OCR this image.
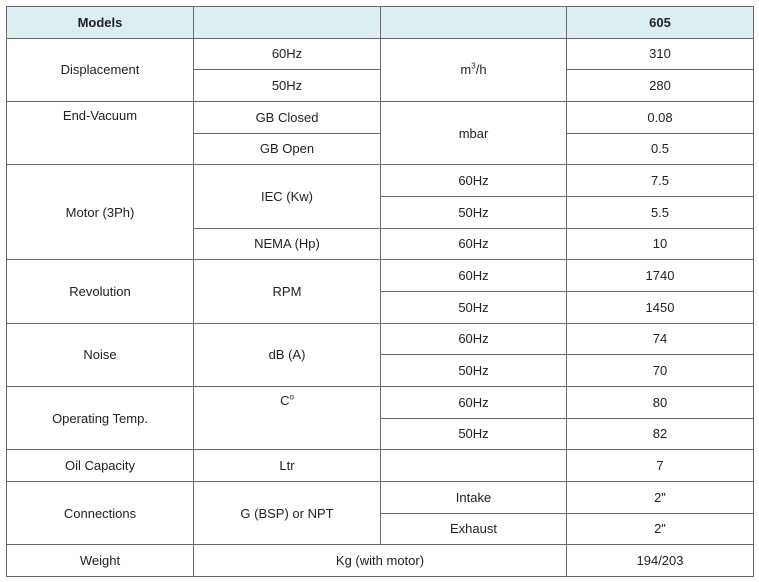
Models			605
Displacement	60Hz	$m^3/h$	310
	50Hz		280
End-Vacuum	GB Closed	mbar	0.08
	GB Open		0.5
Motor (3Ph)	IEC (Kw)	60Hz	7.5
		50Hz	5.5
	NEMA (Hp)	60Hz	10
Revolution	RPM	60Hz	1740
		50Hz	1450
Noise	dB (A)	60Hz	74
		50Hz	70
Operating Temp.	$C^o$	60Hz	80
		50Hz	82
Oil Capacity	Ltr		7
Connections	G (BSP) or NPT	Intake	2"
		Exhaust	2"
Weight	Kg (with motor)		194/203
